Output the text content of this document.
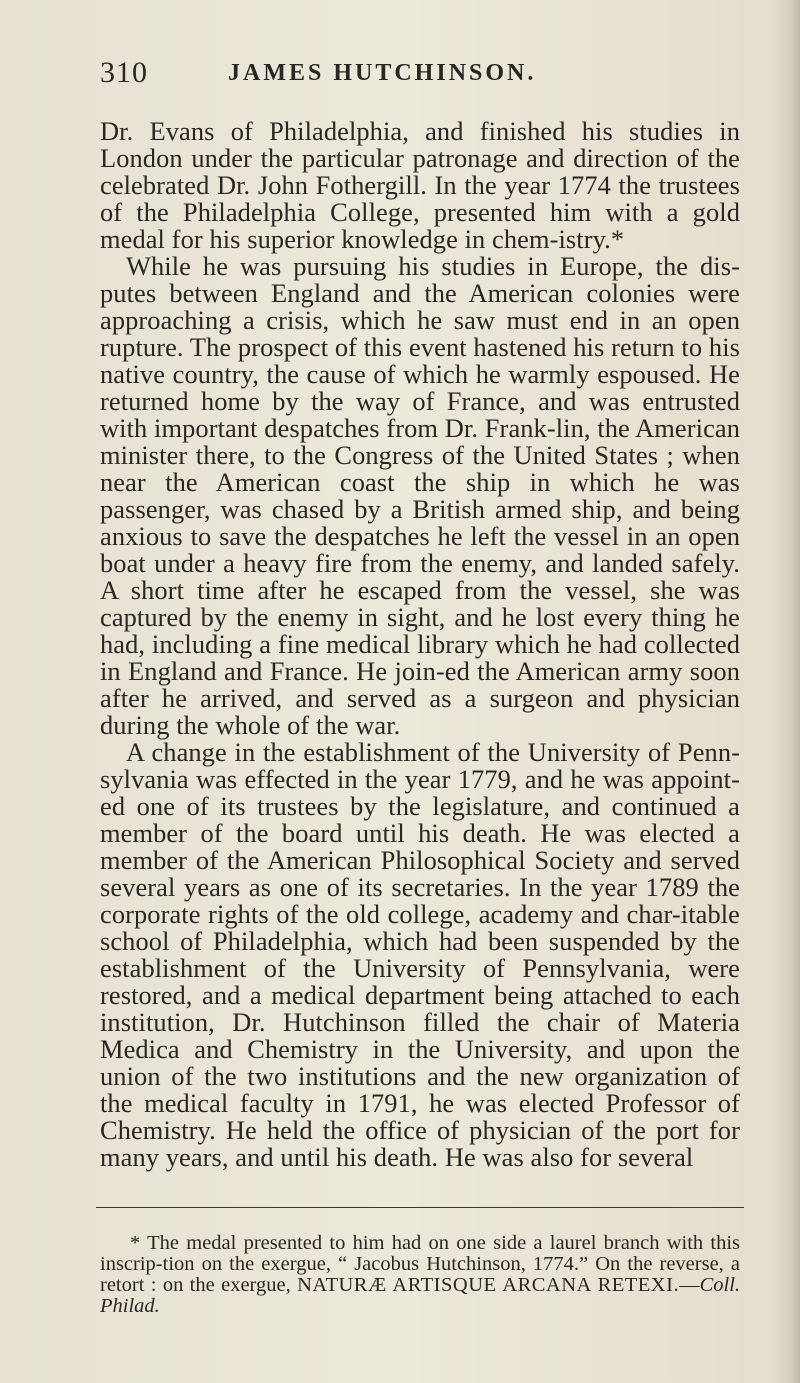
310	JAMES HUTCHINSON.

Dr. Evans of Philadelphia, and finished his studies in London under the particular patronage and direction of the celebrated Dr. John Fothergill. In the year 1774 the trustees of the Philadelphia College, presented him with a gold medal for his superior knowledge in chem-istry.*

While he was pursuing his studies in Europe, the dis-putes between England and the American colonies were approaching a crisis, which he saw must end in an open rupture. The prospect of this event hastened his return to his native country, the cause of which he warmly espoused. He returned home by the way of France, and was entrusted with important despatches from Dr. Frank-lin, the American minister there, to the Congress of the United States ; when near the American coast the ship in which he was passenger, was chased by a British armed ship, and being anxious to save the despatches he left the vessel in an open boat under a heavy fire from the enemy, and landed safely. A short time after he escaped from the vessel, she was captured by the enemy in sight, and he lost every thing he had, including a fine medical library which he had collected in England and France. He join-ed the American army soon after he arrived, and served as a surgeon and physician during the whole of the war.

A change in the establishment of the University of Penn-sylvania was effected in the year 1779, and he was appoint-ed one of its trustees by the legislature, and continued a member of the board until his death. He was elected a member of the American Philosophical Society and served several years as one of its secretaries. In the year 1789 the corporate rights of the old college, academy and char-itable school of Philadelphia, which had been suspended by the establishment of the University of Pennsylvania, were restored, and a medical department being attached to each institution, Dr. Hutchinson filled the chair of Materia Medica and Chemistry in the University, and upon the union of the two institutions and the new organization of the medical faculty in 1791, he was elected Professor of Chemistry. He held the office of physician of the port for many years, and until his death. He was also for several

* The medal presented to him had on one side a laurel branch with this inscrip-tion on the exergue, “ Jacobus Hutchinson, 1774.” On the reverse, a retort : on the exergue, NATURÆ ARTISQUE ARCANA RETEXI.—Coll. Philad.
